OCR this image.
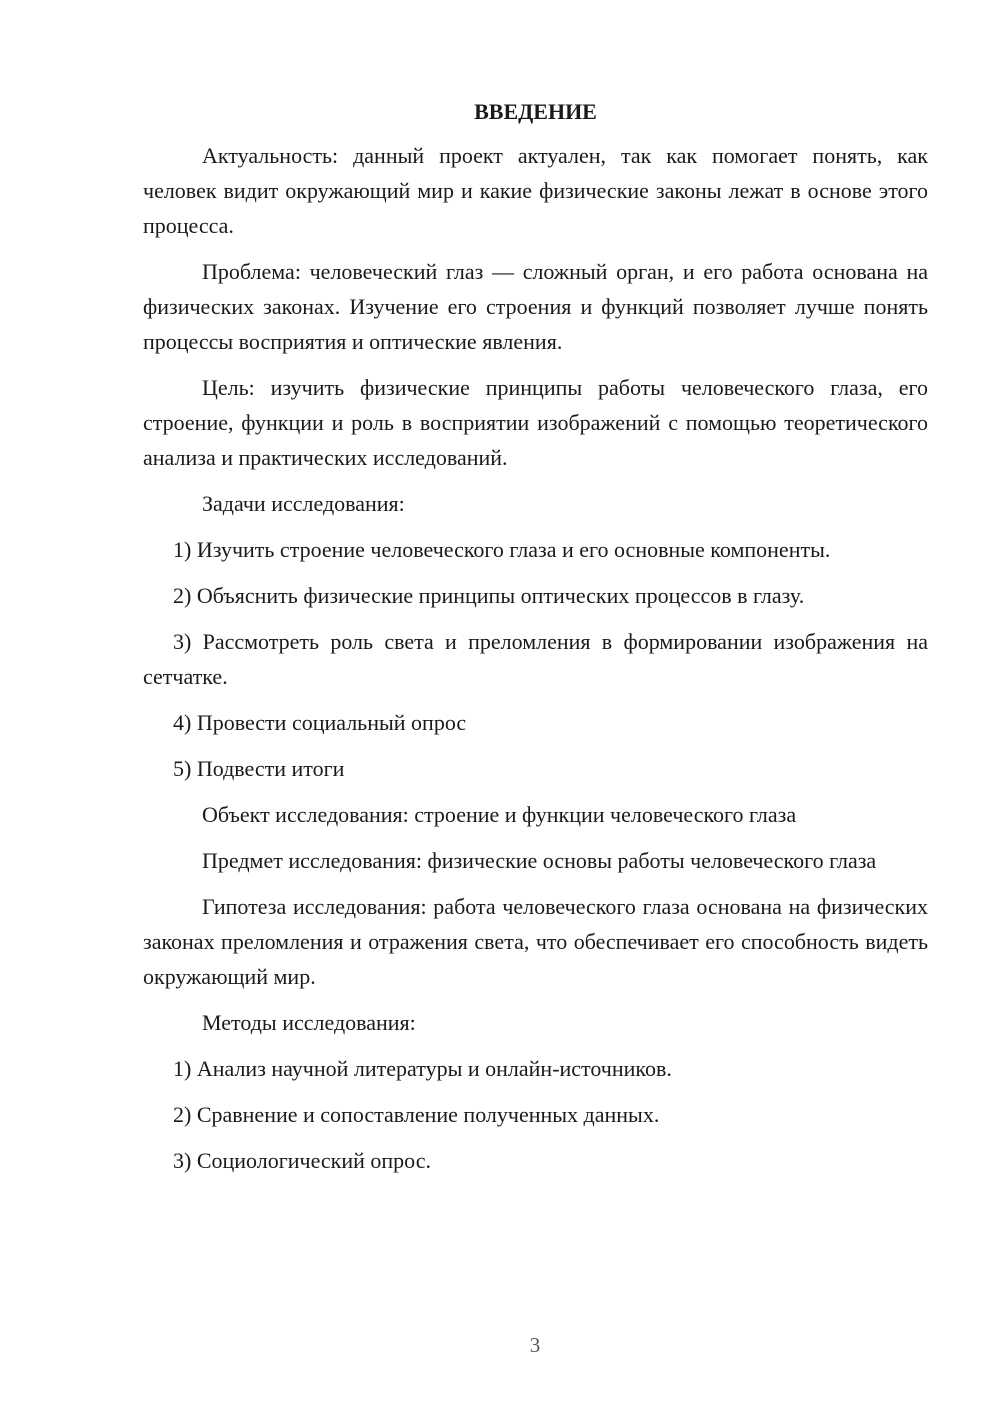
ВВЕДЕНИЕ

Актуальность: данный проект актуален, так как помогает понять, как человек видит окружающий мир и какие физические законы лежат в основе этого процесса.

Проблема: человеческий глаз — сложный орган, и его работа основана на физических законах. Изучение его строения и функций позволяет лучше понять процессы восприятия и оптические явления.

Цель: изучить физические принципы работы человеческого глаза, его строение, функции и роль в восприятии изображений с помощью теоретического анализа и практических исследований.

Задачи исследования:

1) Изучить строение человеческого глаза и его основные компоненты.

2) Объяснить физические принципы оптических процессов в глазу.

3) Рассмотреть роль света и преломления в формировании изображения на сетчатке.

4) Провести социальный опрос

5) Подвести итоги

Объект исследования: строение и функции человеческого глаза

Предмет исследования: физические основы работы человеческого глаза

Гипотеза исследования: работа человеческого глаза основана на физических законах преломления и отражения света, что обеспечивает его способность видеть окружающий мир.

Методы исследования:

1) Анализ научной литературы и онлайн-источников.

2) Сравнение и сопоставление полученных данных.

3) Социологический опрос.

3
